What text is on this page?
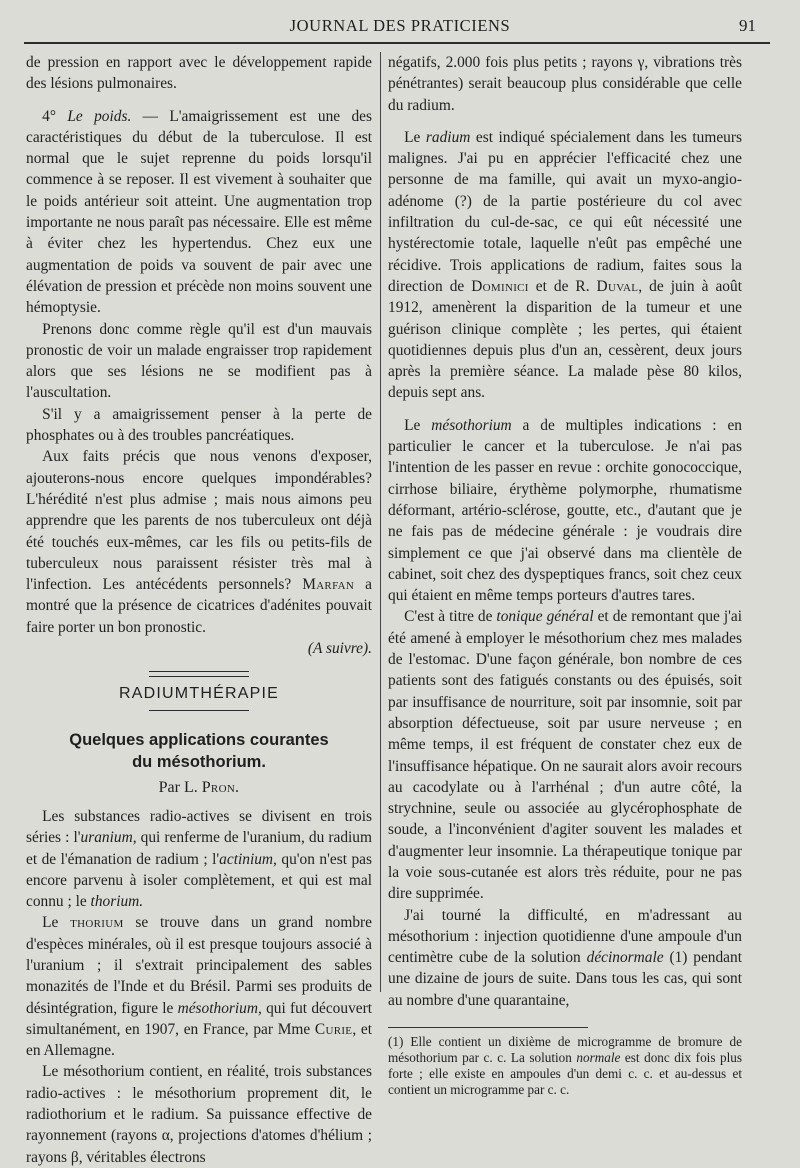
JOURNAL DES PRATICIENS	91

de pression en rapport avec le développement rapide des lésions pulmonaires.

4° Le poids. — L'amaigrissement est une des caractéristiques du début de la tuberculose. Il est normal que le sujet reprenne du poids lorsqu'il commence à se reposer. Il est vivement à souhaiter que le poids antérieur soit atteint. Une augmentation trop importante ne nous paraît pas nécessaire. Elle est même à éviter chez les hypertendus. Chez eux une augmentation de poids va souvent de pair avec une élévation de pression et précède non moins souvent une hémoptysie.

Prenons donc comme règle qu'il est d'un mauvais pronostic de voir un malade engraisser trop rapidement alors que ses lésions ne se modifient pas à l'auscultation.

S'il y a amaigrissement penser à la perte de phosphates ou à des troubles pancréatiques.

Aux faits précis que nous venons d'exposer, ajouterons-nous encore quelques impondérables? L'hérédité n'est plus admise ; mais nous aimons peu apprendre que les parents de nos tuberculeux ont déjà été touchés eux-mêmes, car les fils ou petits-fils de tuberculeux nous paraissent résister très mal à l'infection. Les antécédents personnels? Marfan a montré que la présence de cicatrices d'adénites pouvait faire porter un bon pronostic.

(A suivre).

RADIUMTHÉRAPIE
Quelques applications courantes
du mésothorium.
Par L. Pron.

Les substances radio-actives se divisent en trois séries : l'uranium, qui renferme de l'uranium, du radium et de l'émanation de radium ; l'actinium, qu'on n'est pas encore parvenu à isoler complètement, et qui est mal connu ; le thorium.

Le thorium se trouve dans un grand nombre d'espèces minérales, où il est presque toujours associé à l'uranium ; il s'extrait principalement des sables monazités de l'Inde et du Brésil. Parmi ses produits de désintégration, figure le mésothorium, qui fut découvert simultanément, en 1907, en France, par Mme Curie, et en Allemagne.

Le mésothorium contient, en réalité, trois substances radio-actives : le mésothorium proprement dit, le radiothorium et le radium. Sa puissance effective de rayonnement (rayons α, projections d'atomes d'hélium ; rayons β, véritables électrons

négatifs, 2.000 fois plus petits ; rayons γ, vibrations très pénétrantes) serait beaucoup plus considérable que celle du radium.

Le radium est indiqué spécialement dans les tumeurs malignes. J'ai pu en apprécier l'efficacité chez une personne de ma famille, qui avait un myxo-angio-adénome (?) de la partie postérieure du col avec infiltration du cul-de-sac, ce qui eût nécessité une hystérectomie totale, laquelle n'eût pas empêché une récidive. Trois applications de radium, faites sous la direction de Dominici et de R. Duval, de juin à août 1912, amenèrent la disparition de la tumeur et une guérison clinique complète ; les pertes, qui étaient quotidiennes depuis plus d'un an, cessèrent, deux jours après la première séance. La malade pèse 80 kilos, depuis sept ans.

Le mésothorium a de multiples indications : en particulier le cancer et la tuberculose. Je n'ai pas l'intention de les passer en revue : orchite gonococcique, cirrhose biliaire, érythème polymorphe, rhumatisme déformant, artério-sclérose, goutte, etc., d'autant que je ne fais pas de médecine générale : je voudrais dire simplement ce que j'ai observé dans ma clientèle de cabinet, soit chez des dyspeptiques francs, soit chez ceux qui étaient en même temps porteurs d'autres tares.

C'est à titre de tonique général et de remontant que j'ai été amené à employer le mésothorium chez mes malades de l'estomac. D'une façon générale, bon nombre de ces patients sont des fatigués constants ou des épuisés, soit par insuffisance de nourriture, soit par insomnie, soit par absorption défectueuse, soit par usure nerveuse ; en même temps, il est fréquent de constater chez eux de l'insuffisance hépatique. On ne saurait alors avoir recours au cacodylate ou à l'arrhénal ; d'un autre côté, la strychnine, seule ou associée au glycérophosphate de soude, a l'inconvénient d'agiter souvent les malades et d'augmenter leur insomnie. La thérapeutique tonique par la voie sous-cutanée est alors très réduite, pour ne pas dire supprimée.

J'ai tourné la difficulté, en m'adressant au mésothorium : injection quotidienne d'une ampoule d'un centimètre cube de la solution décinormale (1) pendant une dizaine de jours de suite. Dans tous les cas, qui sont au nombre d'une quarantaine,

(1) Elle contient un dixième de microgramme de bromure de mésothorium par c. c. La solution normale est donc dix fois plus forte ; elle existe en ampoules d'un demi c. c. et au-dessus et contient un microgramme par c. c.
